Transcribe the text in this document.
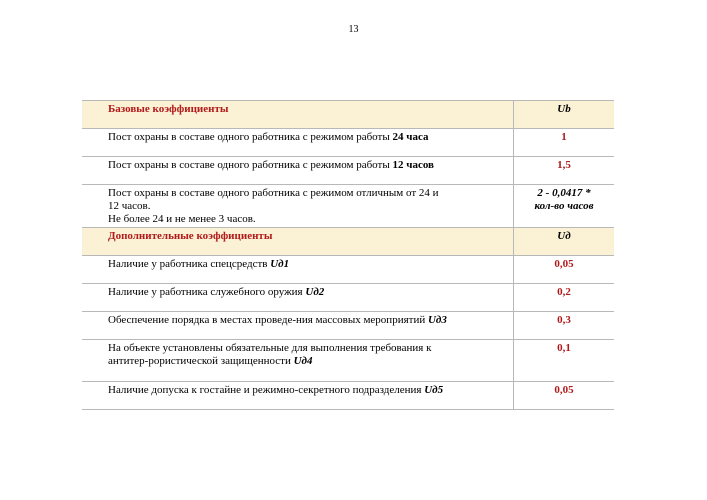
13
Базовые коэффициенты	Ub
Пост охраны в составе одного работника с режимом работы 24 часа	1
Пост охраны в составе одного работника с режимом работы 12 часов	1,5

Пост охраны в составе одного работника с режимом отличным от 24 и
12 часов.
Не более 24 и не менее 3 часов.	2 - 0,0417 *
кол-во часов

Дополнительные коэффициенты	Uд
Наличие у работника спецсредств Uд1	0,05
Наличие у работника служебного оружия Uд2	0,2
Обеспечение порядка в местах проведе-ния массовых мероприятий Uд3	0,3

На объекте установлены обязательные для выполнения требования к
антитер-рористической защищенности Uд4	0,1
Наличие допуска к гостайне и режимно-секретного подразделения Uд5	0,05
